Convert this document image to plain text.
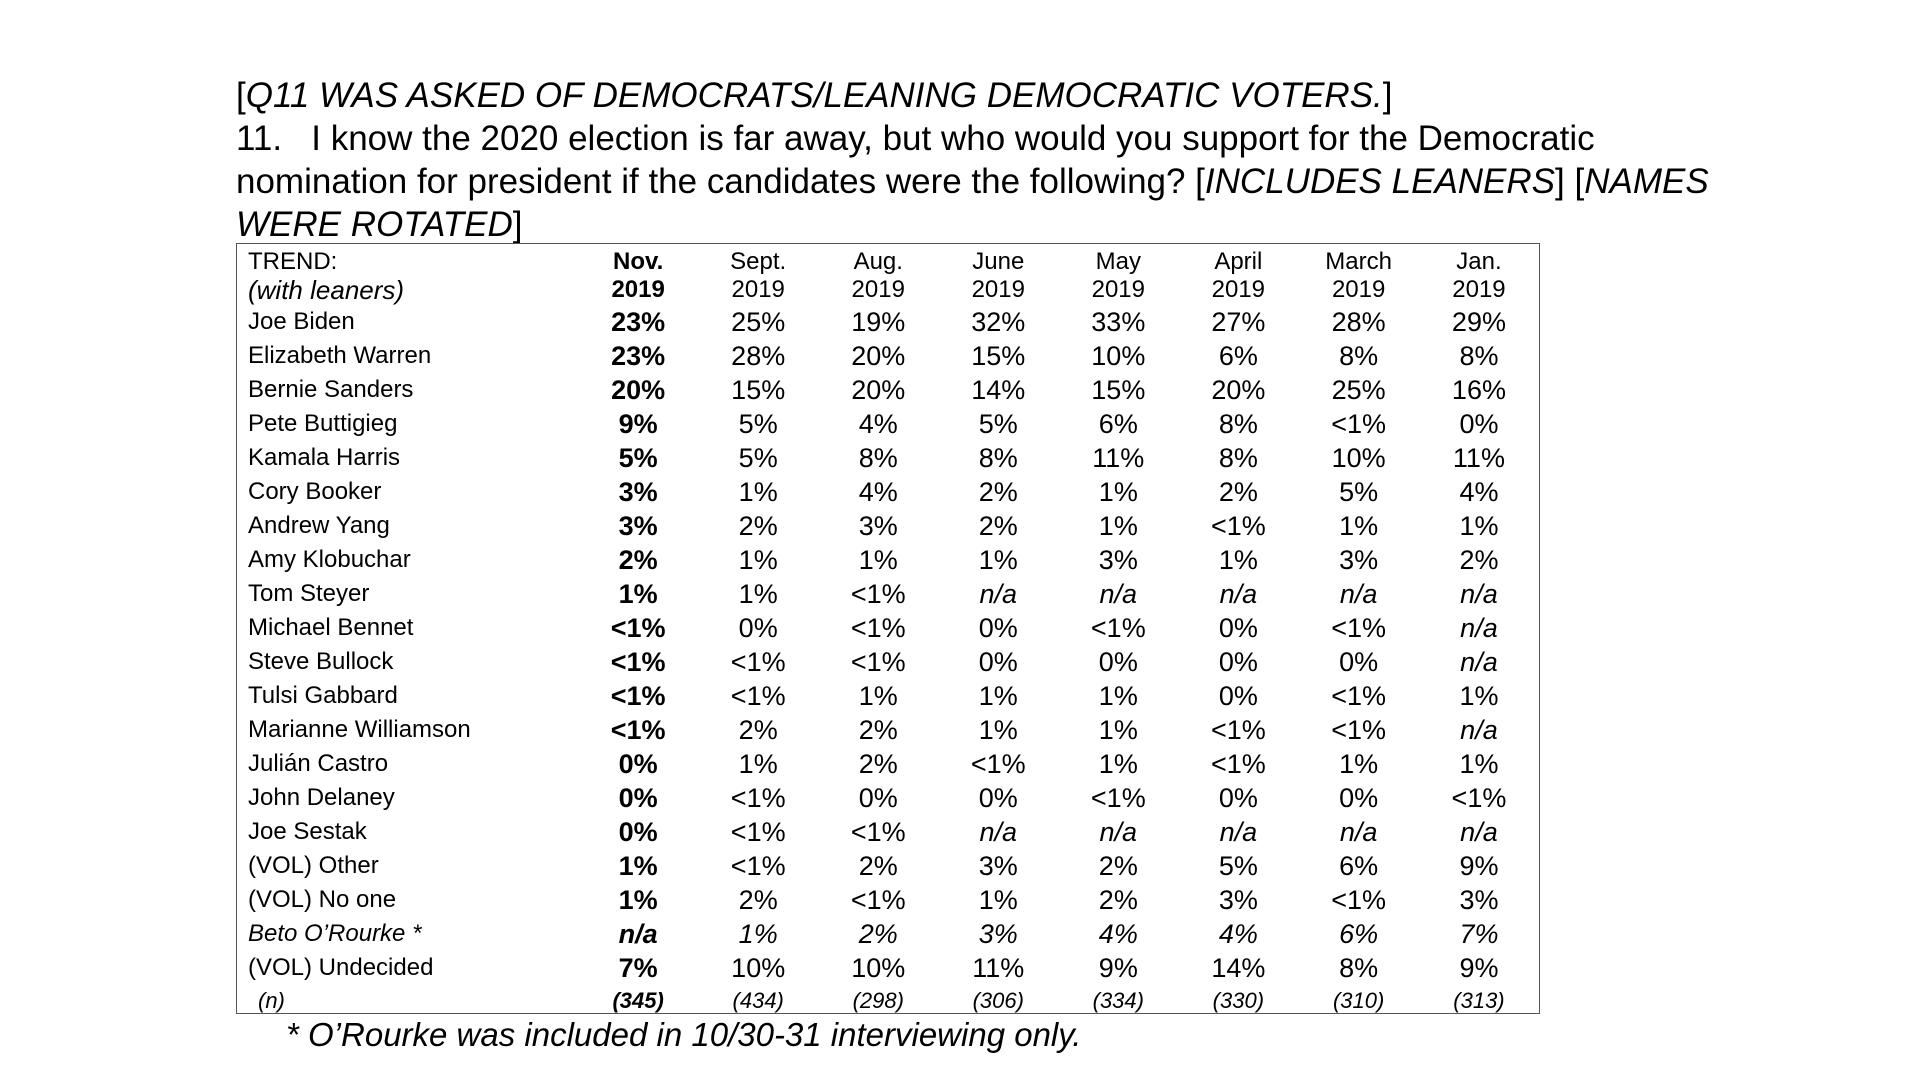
[Q11 WAS ASKED OF DEMOCRATS/LEANING DEMOCRATIC VOTERS.]
11. I know the 2020 election is far away, but who would you support for the Democratic
nomination for president if the candidates were the following? [INCLUDES LEANERS] [NAMES
WERE ROTATED]
TREND:	Nov.	Sept.	Aug.	June	May	April	March	Jan.
(with leaners)	2019	2019	2019	2019	2019	2019	2019	2019
Joe Biden	23%	25%	19%	32%	33%	27%	28%	29%
Elizabeth Warren	23%	28%	20%	15%	10%	6%	8%	8%
Bernie Sanders	20%	15%	20%	14%	15%	20%	25%	16%
Pete Buttigieg	9%	5%	4%	5%	6%	8%	<1%	0%
Kamala Harris	5%	5%	8%	8%	11%	8%	10%	11%
Cory Booker	3%	1%	4%	2%	1%	2%	5%	4%
Andrew Yang	3%	2%	3%	2%	1%	<1%	1%	1%
Amy Klobuchar	2%	1%	1%	1%	3%	1%	3%	2%
Tom Steyer	1%	1%	<1%	n/a	n/a	n/a	n/a	n/a
Michael Bennet	<1%	0%	<1%	0%	<1%	0%	<1%	n/a
Steve Bullock	<1%	<1%	<1%	0%	0%	0%	0%	n/a
Tulsi Gabbard	<1%	<1%	1%	1%	1%	0%	<1%	1%
Marianne Williamson	<1%	2%	2%	1%	1%	<1%	<1%	n/a
Julián Castro	0%	1%	2%	<1%	1%	<1%	1%	1%
John Delaney	0%	<1%	0%	0%	<1%	0%	0%	<1%
Joe Sestak	0%	<1%	<1%	n/a	n/a	n/a	n/a	n/a
(VOL) Other	1%	<1%	2%	3%	2%	5%	6%	9%
(VOL) No one	1%	2%	<1%	1%	2%	3%	<1%	3%
Beto O’Rourke *	n/a	1%	2%	3%	4%	4%	6%	7%
(VOL) Undecided	7%	10%	10%	11%	9%	14%	8%	9%
(n)	(345)	(434)	(298)	(306)	(334)	(330)	(310)	(313)
* O’Rourke was included in 10/30-31 interviewing only.
